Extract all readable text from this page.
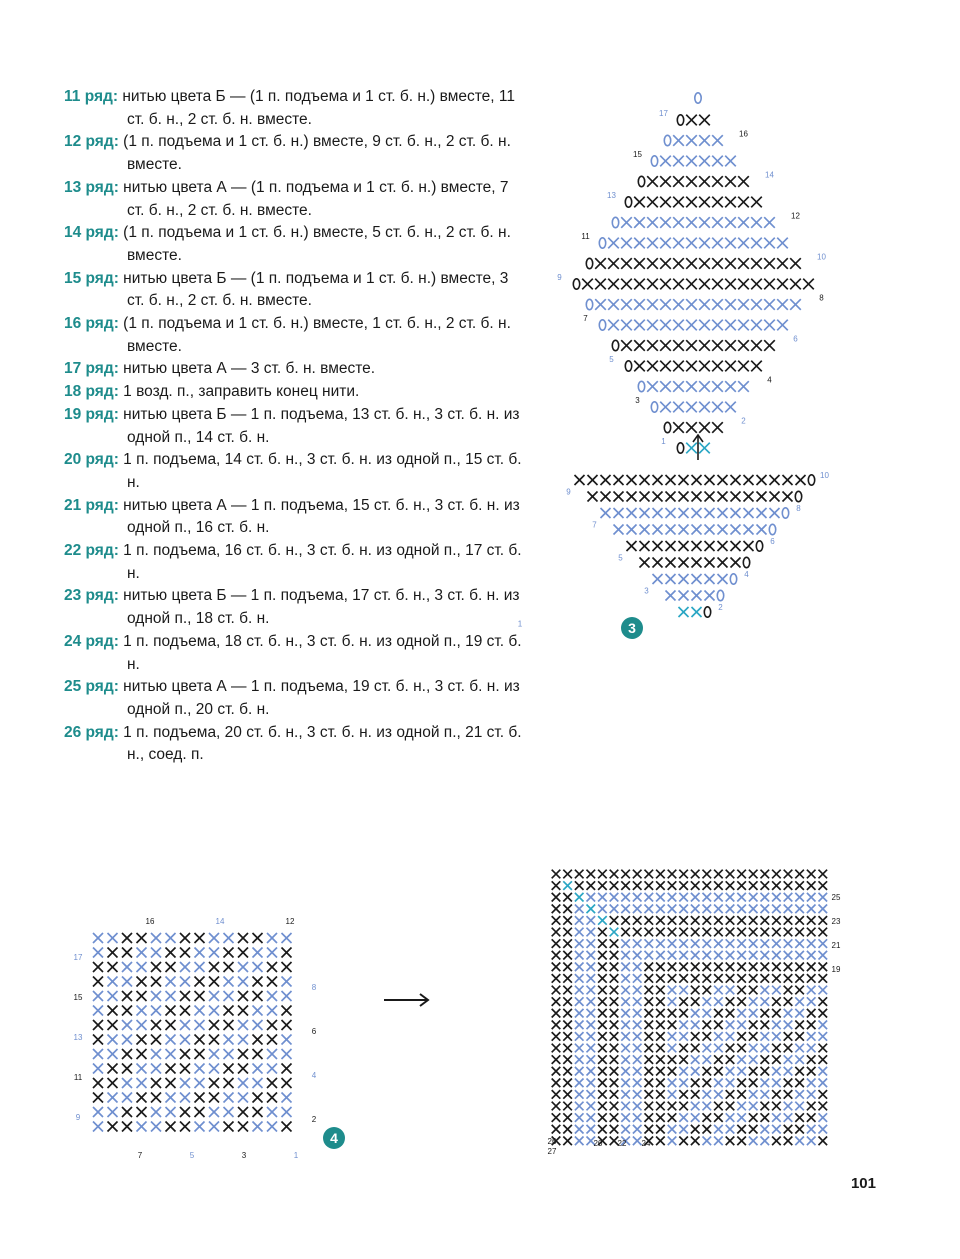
11 ряд: нитью цвета Б — (1 п. подъема и 1 ст. б. н.) вместе, 11 ст. б. н., 2 ст. б. н. вместе.

12 ряд: (1 п. подъема и 1 ст. б. н.) вместе, 9 ст. б. н., 2 ст. б. н. вместе.

13 ряд: нитью цвета А — (1 п. подъема и 1 ст. б. н.) вместе, 7 ст. б. н., 2 ст. б. н. вместе.

14 ряд: (1 п. подъема и 1 ст. б. н.) вместе, 5 ст. б. н., 2 ст. б. н. вместе.

15 ряд: нитью цвета Б — (1 п. подъема и 1 ст. б. н.) вместе, 3 ст. б. н., 2 ст. б. н. вместе.

16 ряд: (1 п. подъема и 1 ст. б. н.) вместе, 1 ст. б. н., 2 ст. б. н. вместе.

17 ряд: нитью цвета А — 3 ст. б. н. вместе.

18 ряд: 1 возд. п., заправить конец нити.

19 ряд: нитью цвета Б — 1 п. подъема, 13 ст. б. н., 3 ст. б. н. из одной п., 14 ст. б. н.

20 ряд: 1 п. подъема, 14 ст. б. н., 3 ст. б. н. из одной п., 15 ст. б. н.

21 ряд: нитью цвета А — 1 п. подъема, 15 ст. б. н., 3 ст. б. н. из одной п., 16 ст. б. н.

22 ряд: 1 п. подъема, 16 ст. б. н., 3 ст. б. н. из одной п., 17 ст. б. н.

23 ряд: нитью цвета Б — 1 п. подъема, 17 ст. б. н., 3 ст. б. н. из одной п., 18 ст. б. н.

24 ряд: 1 п. подъема, 18 ст. б. н., 3 ст. б. н. из одной п., 19 ст. б. н.

25 ряд: нитью цвета А — 1 п. подъема, 19 ст. б. н., 3 ст. б. н. из одной п., 20 ст. б. н.

26 ряд: 1 п. подъема, 20 ст. б. н., 3 ст. б. н. из одной п., 21 ст. б. н., соед. п.

17
15
13
11
9
7
5
3
1
16
14
12
10
8
6
4
2
9
7
5
3
1
10
8
6
4
2
3
16	14	12
17
15
13
11
9
7	5	3	1
8
6
4
2
4
25
23
21
19
20 22 24
26
27
101
